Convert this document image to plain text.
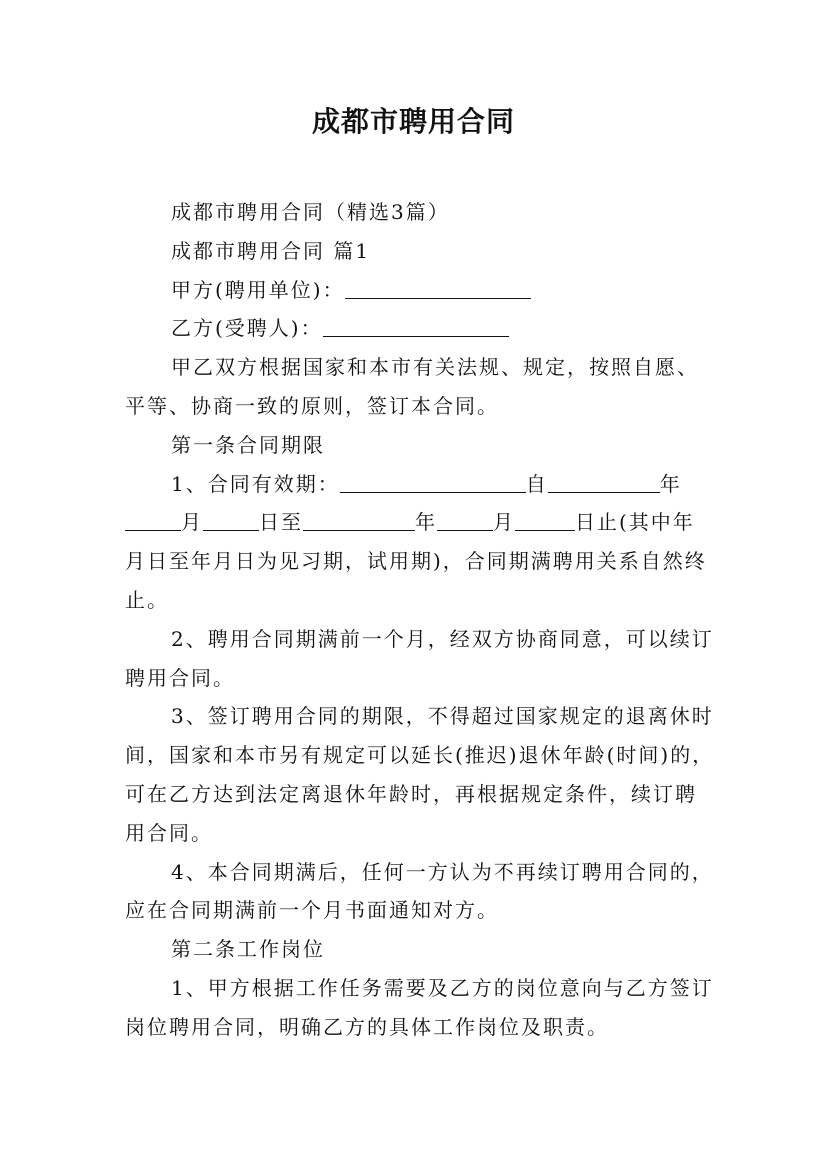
成都市聘用合同

成都市聘用合同（精选3篇）

成都市聘用合同 篇1

甲方(聘用单位)：

乙方(受聘人)：

甲乙双方根据国家和本市有关法规、规定，按照自愿、平等、协商一致的原则，签订本合同。

第一条合同期限

1、合同有效期：	自	年月	日至	年	月	日止(其中年月日至年月日为见习期，试用期)，合同期满聘用关系自然终止。

2、聘用合同期满前一个月，经双方协商同意，可以续订聘用合同。

3、签订聘用合同的期限，不得超过国家规定的退离休时间，国家和本市另有规定可以延长(推迟)退休年龄(时间)的，可在乙方达到法定离退休年龄时，再根据规定条件，续订聘用合同。

4、本合同期满后，任何一方认为不再续订聘用合同的，应在合同期满前一个月书面通知对方。

第二条工作岗位

1、甲方根据工作任务需要及乙方的岗位意向与乙方签订岗位聘用合同，明确乙方的具体工作岗位及职责。
